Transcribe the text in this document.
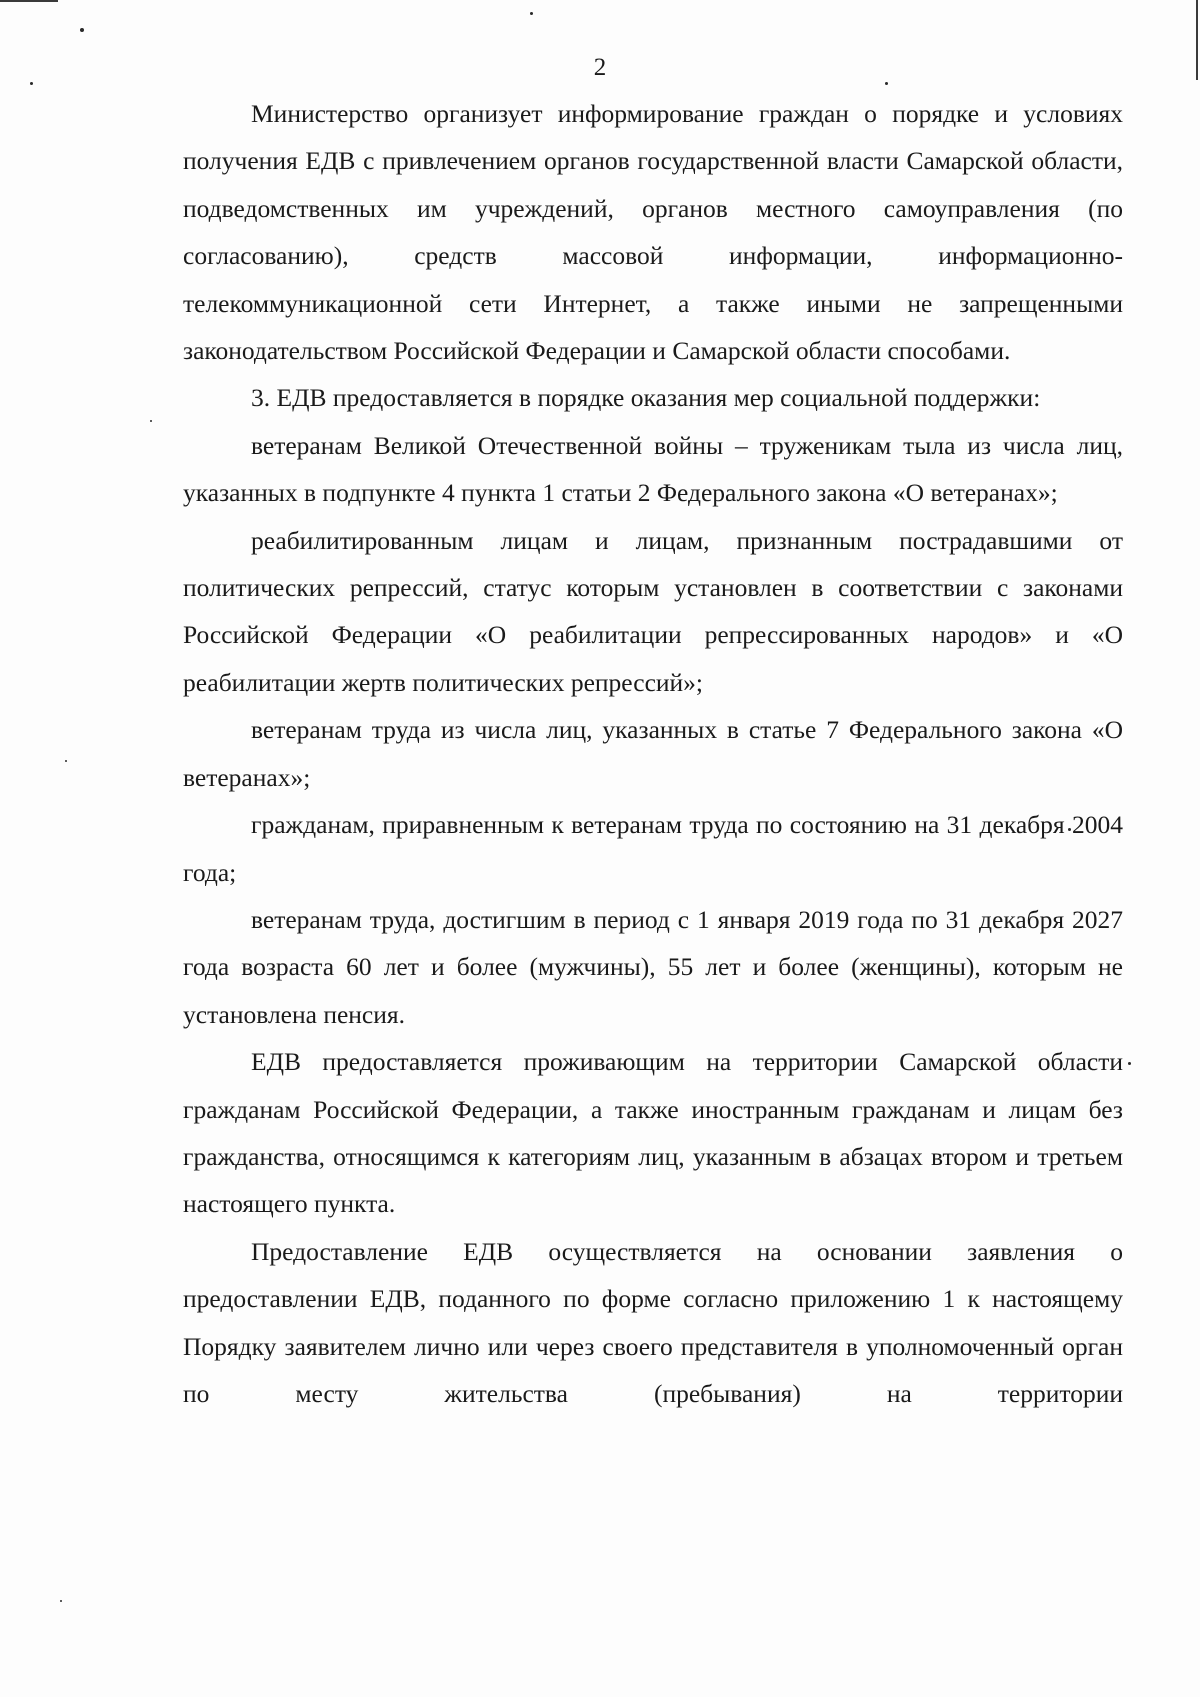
2

Министерство организует информирование граждан о порядке и условиях получения ЕДВ с привлечением органов государственной власти Самарской области, подведомственных им учреждений, органов местного самоуправления (по согласованию), средств массовой информации, информационно-телекоммуникационной сети Интернет, а также иными не запрещенными законодательством Российской Федерации и Самарской области способами.

3. ЕДВ предоставляется в порядке оказания мер социальной поддержки:

ветеранам Великой Отечественной войны – труженикам тыла из числа лиц, указанных в подпункте 4 пункта 1 статьи 2 Федерального закона «О ветеранах»;

реабилитированным лицам и лицам, признанным пострадавшими от политических репрессий, статус которым установлен в соответствии с законами Российской Федерации «О реабилитации репрессированных народов» и «О реабилитации жертв политических репрессий»;

ветеранам труда из числа лиц, указанных в статье 7 Федерального закона «О ветеранах»;

гражданам, приравненным к ветеранам труда по состоянию на 31 декабря 2004 года;

ветеранам труда, достигшим в период с 1 января 2019 года по 31 декабря 2027 года возраста 60 лет и более (мужчины), 55 лет и более (женщины), которым не установлена пенсия.

ЕДВ предоставляется проживающим на территории Самарской области гражданам Российской Федерации, а также иностранным гражданам и лицам без гражданства, относящимся к категориям лиц, указанным в абзацах втором и третьем настоящего пункта.

Предоставление ЕДВ осуществляется на основании заявления о предоставлении ЕДВ, поданного по форме согласно приложению 1 к настоящему Порядку заявителем лично или через своего представителя в уполномоченный орган по месту жительства (пребывания) на территории
